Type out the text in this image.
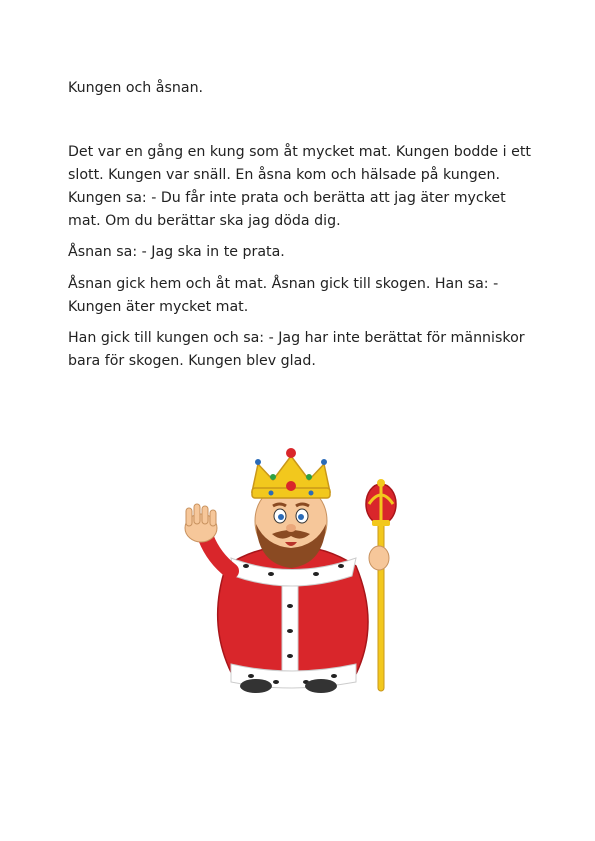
Kungen och åsnan.
Det var en gång en kung som åt mycket mat. Kungen bodde i ett slott. Kungen var snäll. En åsna kom och hälsade på kungen. Kungen sa: - Du får inte prata och berätta att jag äter mycket mat. Om du berättar ska jag döda dig.
Åsnan sa: - Jag ska in te prata.
Åsnan gick hem och åt mat. Åsnan gick till skogen. Han sa: - Kungen äter mycket mat.
Han gick till kungen och sa: - Jag har inte berättat för människor bara för skogen. Kungen blev glad.
